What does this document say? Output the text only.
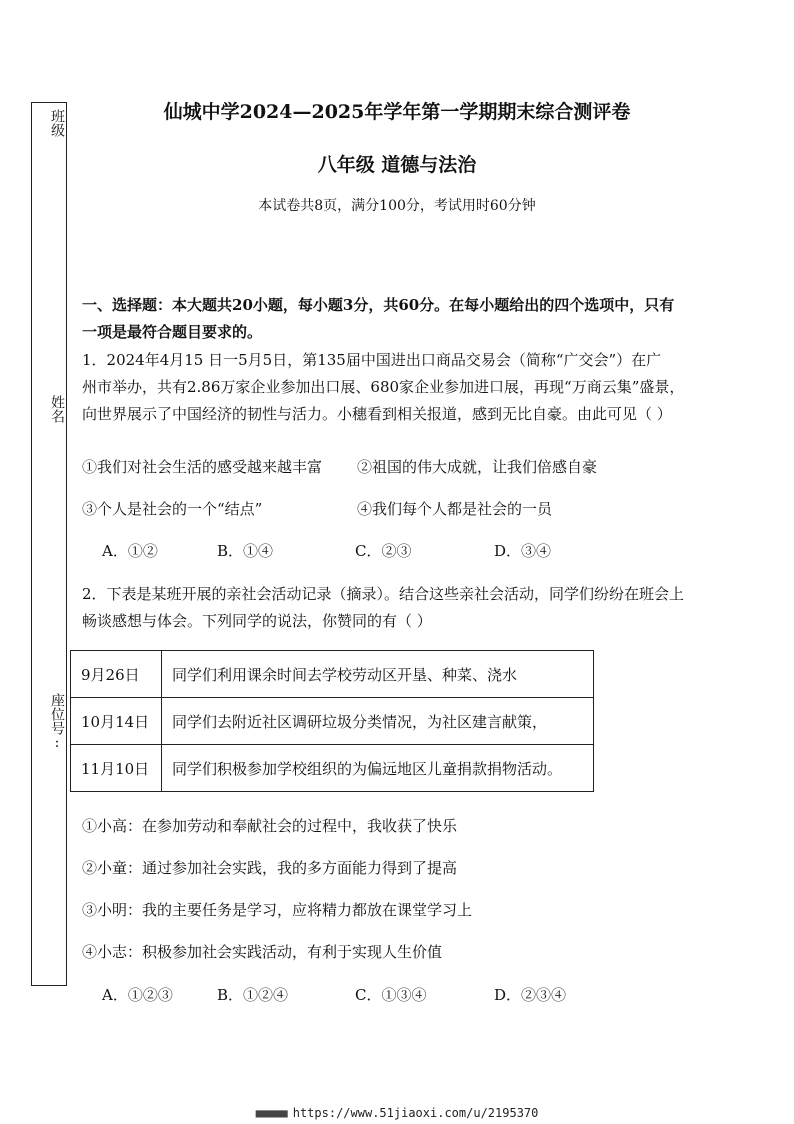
班级
姓名
座位号:
仙城中学2024—2025年学年第一学期期末综合测评卷
八年级 道德与法治
本试卷共8页，满分100分，考试用时60分钟
一、选择题：本大题共20小题，每小题3分，共60分。在每小题给出的四个选项中，只有
一项是最符合题目要求的。
1．2024年4月15 日一5月5日，第135届中国进出口商品交易会（简称“广交会”）在广
州市举办，共有2.86万家企业参加出口展、680家企业参加进口展，再现“万商云集”盛景，
向世界展示了中国经济的韧性与活力。小穗看到相关报道，感到无比自豪。由此可见（ ）
①我们对社会生活的感受越来越丰富 ②祖国的伟大成就，让我们倍感自豪
③个人是社会的一个“结点”	④我们每个人都是社会的一员
A．①②	B．①④	C．②③	D．③④
2．下表是某班开展的亲社会活动记录（摘录）。结合这些亲社会活动，同学们纷纷在班会上
畅谈感想与体会。下列同学的说法，你赞同的有（ ）
9月26日	同学们利用课余时间去学校劳动区开垦、种菜、浇水
10月14日	同学们去附近社区调研垃圾分类情况，为社区建言献策，
11月10日	同学们积极参加学校组织的为偏远地区儿童捐款捐物活动。
①小高：在参加劳动和奉献社会的过程中，我收获了快乐
②小童：通过参加社会实践，我的多方面能力得到了提高
③小明：我的主要任务是学习，应将精力都放在课堂学习上
④小志：积极参加社会实践活动，有利于实现人生价值
A．①②③	B．①②④	C．①③④	D．②③④
■■■■■ https://www.51jiaoxi.com/u/2195370
